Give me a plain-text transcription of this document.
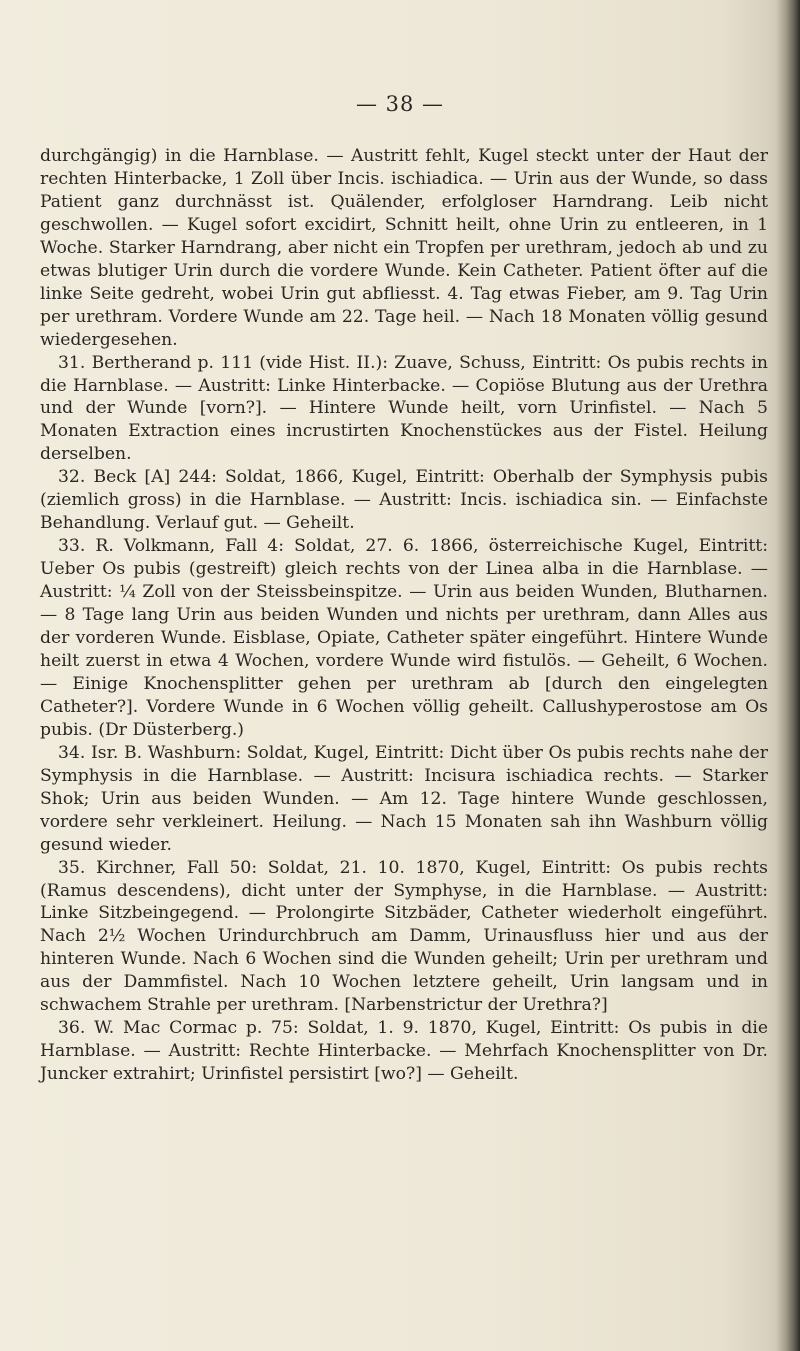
— 38 —

durchgängig) in die Harnblase. — Austritt fehlt, Kugel steckt unter der Haut der rechten Hinterbacke, 1 Zoll über Incis. ischiadica. — Urin aus der Wunde, so dass Patient ganz durchnässt ist. Quälender, erfolgloser Harndrang. Leib nicht geschwollen. — Kugel sofort excidirt, Schnitt heilt, ohne Urin zu entleeren, in 1 Woche. Starker Harndrang, aber nicht ein Tropfen per urethram, jedoch ab und zu etwas blutiger Urin durch die vordere Wunde. Kein Catheter. Patient öfter auf die linke Seite gedreht, wobei Urin gut abfliesst. 4. Tag etwas Fieber, am 9. Tag Urin per urethram. Vordere Wunde am 22. Tage heil. — Nach 18 Monaten völlig gesund wiedergesehen.

31. Bertherand p. 111 (vide Hist. II.): Zuave, Schuss, Eintritt: Os pubis rechts in die Harnblase. — Austritt: Linke Hinterbacke. — Copiöse Blutung aus der Urethra und der Wunde [vorn?]. — Hintere Wunde heilt, vorn Urinfistel. — Nach 5 Monaten Extraction eines incrustirten Knochenstückes aus der Fistel. Heilung derselben.

32. Beck [A] 244: Soldat, 1866, Kugel, Eintritt: Oberhalb der Symphysis pubis (ziemlich gross) in die Harnblase. — Austritt: Incis. ischiadica sin. — Einfachste Behandlung. Verlauf gut. — Geheilt.

33. R. Volkmann, Fall 4: Soldat, 27. 6. 1866, österreichische Kugel, Eintritt: Ueber Os pubis (gestreift) gleich rechts von der Linea alba in die Harnblase. — Austritt: ¼ Zoll von der Steissbeinspitze. — Urin aus beiden Wunden, Blutharnen. — 8 Tage lang Urin aus beiden Wunden und nichts per urethram, dann Alles aus der vorderen Wunde. Eisblase, Opiate, Catheter später eingeführt. Hintere Wunde heilt zuerst in etwa 4 Wochen, vordere Wunde wird fistulös. — Geheilt, 6 Wochen. — Einige Knochensplitter gehen per urethram ab [durch den eingelegten Catheter?]. Vordere Wunde in 6 Wochen völlig geheilt. Callushyperostose am Os pubis. (Dr Düsterberg.)

34. Isr. B. Washburn: Soldat, Kugel, Eintritt: Dicht über Os pubis rechts nahe der Symphysis in die Harnblase. — Austritt: Incisura ischiadica rechts. — Starker Shok; Urin aus beiden Wunden. — Am 12. Tage hintere Wunde geschlossen, vordere sehr verkleinert. Heilung. — Nach 15 Monaten sah ihn Washburn völlig gesund wieder.

35. Kirchner, Fall 50: Soldat, 21. 10. 1870, Kugel, Eintritt: Os pubis rechts (Ramus descendens), dicht unter der Symphyse, in die Harnblase. — Austritt: Linke Sitzbeingegend. — Prolongirte Sitzbäder, Catheter wiederholt eingeführt. Nach 2½ Wochen Urindurchbruch am Damm, Urinausfluss hier und aus der hinteren Wunde. Nach 6 Wochen sind die Wunden geheilt; Urin per urethram und aus der Dammfistel. Nach 10 Wochen letztere geheilt, Urin langsam und in schwachem Strahle per urethram. [Narbenstrictur der Urethra?]

36. W. Mac Cormac p. 75: Soldat, 1. 9. 1870, Kugel, Eintritt: Os pubis in die Harnblase. — Austritt: Rechte Hinterbacke. — Mehrfach Knochensplitter von Dr. Juncker extrahirt; Urinfistel persistirt [wo?] — Geheilt.
